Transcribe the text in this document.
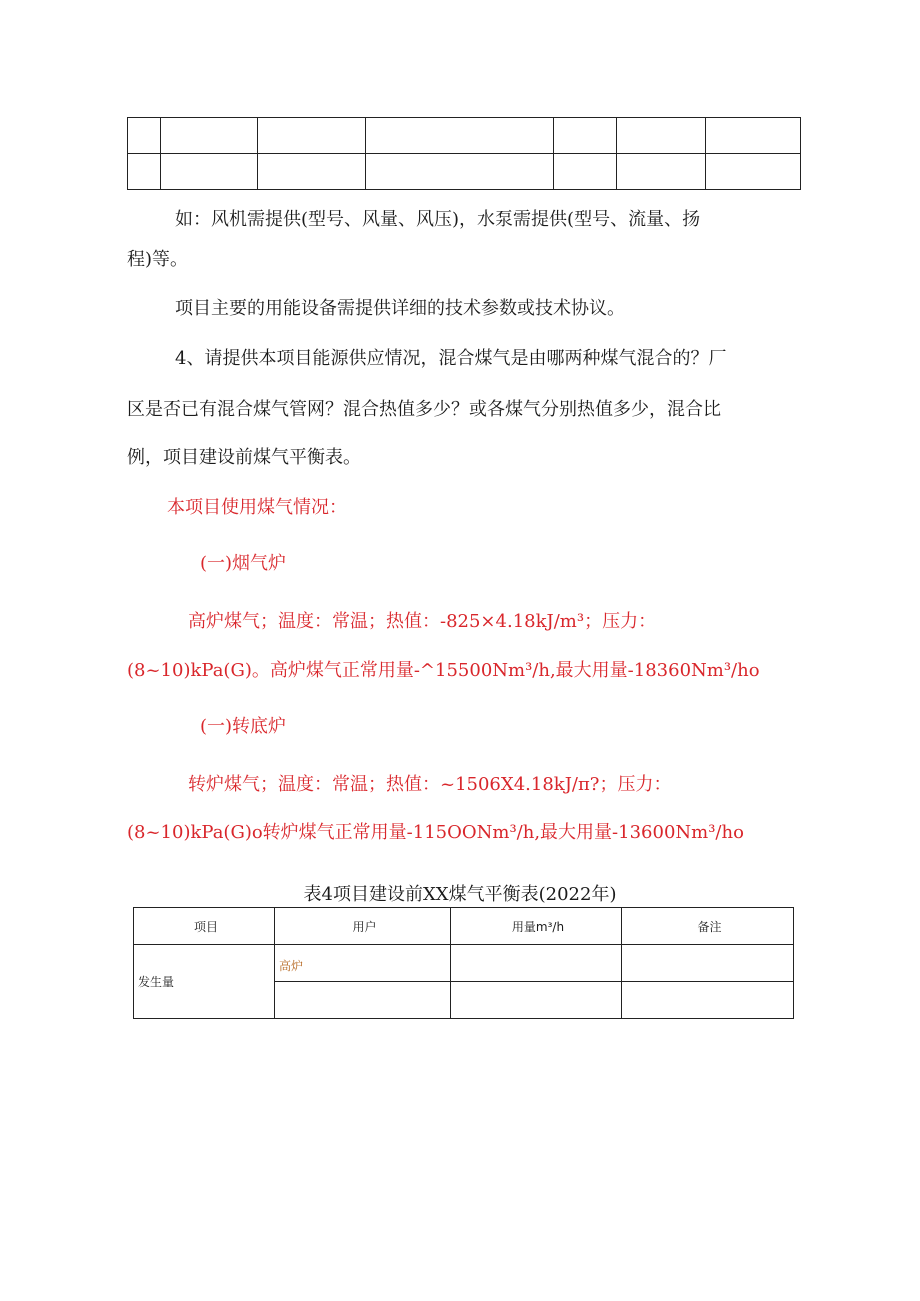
如：风机需提供(型号、风量、风压)，水泵需提供(型号、流量、扬
程)等。
项目主要的用能设备需提供详细的技术参数或技术协议。
4、请提供本项目能源供应情况，混合煤气是由哪两种煤气混合的？厂
区是否已有混合煤气管网？混合热值多少？或各煤气分别热值多少，混合比
例，项目建设前煤气平衡表。
本项目使用煤气情况：
(一)烟气炉
高炉煤气；温度：常温；热值：-825×4.18kJ/m³；压力：
(8~10)kPa(G)。高炉煤气正常用量-^15500Nm³/h,最大用量-18360Nm³/ho
(一)转底炉
转炉煤气；温度：常温；热值：~1506X4.18kJ/π?；压力：
(8~10)kPa(G)o转炉煤气正常用量-115OONm³/h,最大用量-13600Nm³/ho
表4项目建设前XX煤气平衡表(2022年)
项目	用户	用量m³/h	备注
发生量	高炉		
